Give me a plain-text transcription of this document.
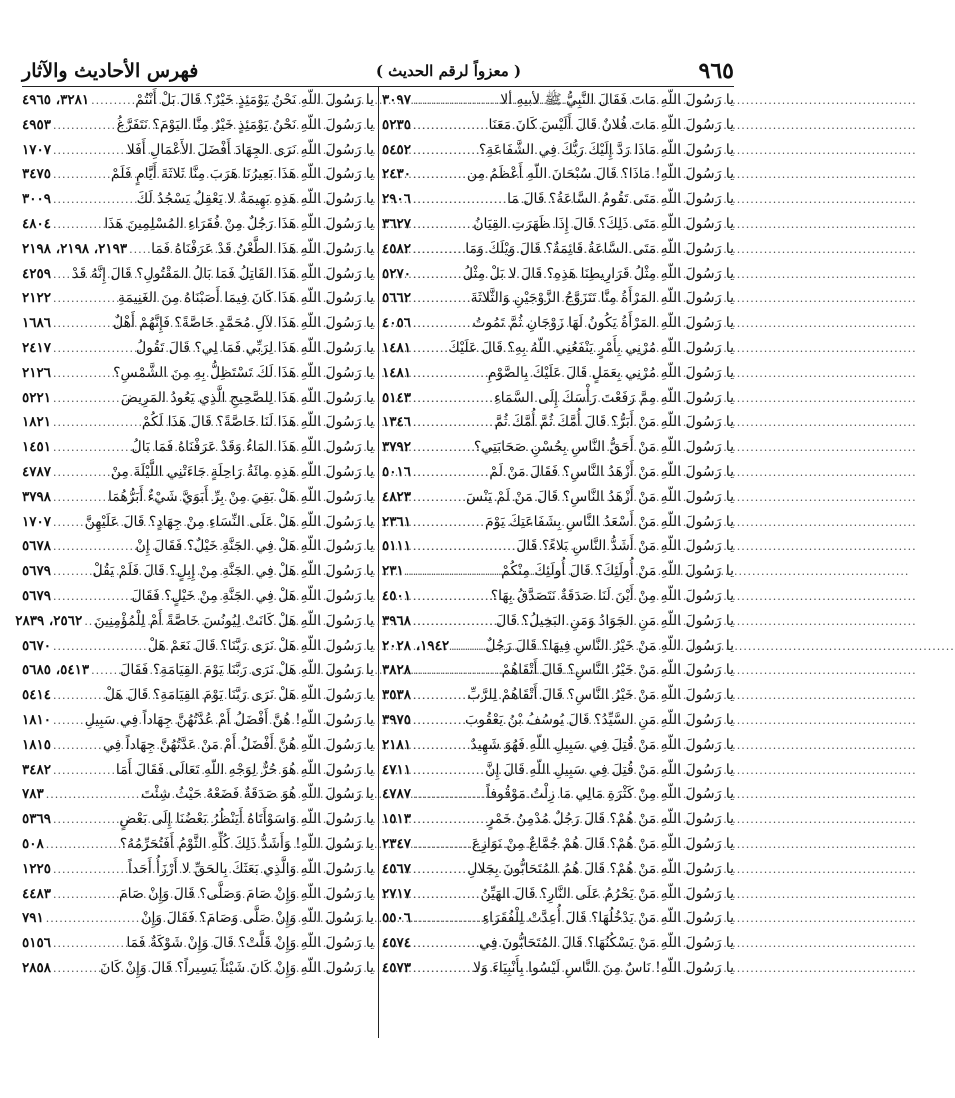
٩٦٥
( معزواً لرقم الحديث )
فهرس الأحاديث والآثار
يا رَسُولَ اللّهِ مَاتَ فَقَالَ النَّبِيُّ ﷺ لأبيهِ ألا
.....
٣٠٩٧
يا رَسُولَ اللّهِ مَاتَ فُلانٌ قَالَ أَلَيْسَ كَانَ مَعَنَا
.....
٥٢٣٥
يا رَسُولَ اللّهِ مَاذَا رَدَّ إِلَيْكَ رَبُّكَ فِي الشَّفَاعَةِ؟
.....
٥٤٥٢
يا رَسُولَ اللّهِ! مَاذَا؟ قَالَ سُبْحَانَ اللّهِ أَعْظَمُ مِن
.....
٢٤٣٠
يا رَسُولَ اللّهِ مَتَى تَقُومُ السَّاعَةُ؟ قَالَ مَا
.....
٢٩٠٦
يا رَسُولَ اللّهِ مَتَى ذَلِكَ؟ قَالَ إِذَا ظَهَرَتِ القِيَانُ
.....
٣٦٢٧
يا رَسُولَ اللّهِ مَتَى السَّاعَةُ قَائِمَةٌ؟ قَالَ وَيْلَكَ وَمَا
.....
٤٥٨٢
يا رَسُولَ اللّهِ مِثْلُ قَرَارِيطِنَا هَذِهِ؟ قَالَ لا بَلْ مِثْلُ
.....
٥٢٧٠
يا رَسُولَ اللّهِ المَرْأَةُ مِنَّا تَتَزَوَّجُ الزَّوْجَيْنِ وَالثَّلاثَةَ
.....
٥٦٦٢
يا رَسُولَ اللّهِ المَرْأَةُ يَكُونُ لَهَا زَوْجَانِ ثُمَّ تَمُوتُ
.....
٤٠٥٦
يا رَسُولَ اللّهِ مُرْنِي بِأَمْرٍ يَنْفَعُنِي اللّهُ بِهِ؟ قَالَ عَلَيْكَ
.....
١٤٨١
يا رَسُولَ اللّهِ مُرْنِي بِعَمَلٍ قَالَ عَلَيْكَ بِالصَّوْمِ
.....
١٤٨١
يا رَسُولَ اللّهِ مِمَّ رَفَعْتَ رَأْسَكَ إِلَى السَّمَاءِ
.....
٥١٤٣
يا رَسُولَ اللّهِ مَنْ أَبَرُّ؟ قَالَ أُمَّكَ ثُمَّ أُمَّكَ ثُمَّ
.....
١٣٤٦
يا رَسُولَ اللّهِ مَنْ أَحَقُّ النَّاسِ بِحُسْنِ صَحَابَتِي؟
.....
٣٧٩٢
يا رَسُولَ اللّهِ مَنْ أَزْهَدُ النَّاسِ؟ فَقَالَ مَنْ لَمْ
.....
٥٠١٦
يا رَسُولَ اللّهِ مَنْ أَزْهَدُ النَّاسِ؟ قَالَ مَنْ لَمْ يَنْسَ
.....
٤٨٢٣
يا رَسُولَ اللّهِ مَنْ أَسْعَدُ النَّاسِ بِشَفَاعَتِكَ يَوْمَ
.....
٢٣٦١
يا رَسُولَ اللّهِ مَنْ أَشَدُّ النَّاسِ بَلاءً؟ قَالَ
.....
٥١١١
يا رَسُولَ اللّهِ مَنْ أُولَئِكَ؟ قَالَ أُولَئِكَ مِنْكُمْ
.....
٢٣١
يا رَسُولَ اللّهِ مِنْ أَيْنَ لَنَا صَدَقَةٌ نَتَصَدَّقُ بِهَا؟
.....
٤٥٠١
يا رَسُولَ اللّهِ مَنِ الجَوَادُ وَمَنِ البَخِيلُ؟ قَالَ
.....
٣٩٦٨
يا رَسُولَ اللّهِ مَنْ خَيْرُ النَّاسِ فِيهَا؟ قَالَ رَجُلٌ
.....
١٩٤٢، ٢٠٢٨
يا رَسُولَ اللّهِ مَنْ خَيْرُ النَّاسِ؟ قَالَ أَتْقَاهُمْ
.....
٣٨٢٨
يا رَسُولَ اللّهِ مَنْ خَيْرُ النَّاسِ؟ قَالَ أَتْقَاهُمْ لِلرَّبِّ
.....
٣٥٣٨
يا رَسُولَ اللّهِ مَنِ السَّيِّدُ؟ قَالَ يُوسُفُ بْنُ يَعْقُوبَ
.....
٣٩٧٥
يا رَسُولَ اللّهِ مَنْ قُتِلَ فِي سَبِيلِ اللّهِ فَهُوَ شَهِيدٌ
.....
٢١٨١
يا رَسُولَ اللّهِ مَنْ قُتِلَ فِي سَبِيلِ اللّهِ قَالَ إِنَّ
.....
٤٧١١
يا رَسُولَ اللّهِ مِنْ كَثْرَةِ مَالِي مَا زِلْتُ مَوْقُوفاً
.....
٤٧٨٧
يا رَسُولَ اللّهِ مَنْ هُمْ؟ قَالَ رَجُلٌ مُدْمِنُ خَمْرٍ
.....
١٥١٣
يا رَسُولَ اللّهِ مَنْ هُمْ؟ قَالَ هُمْ جُمَّاعٌ مِنْ نَوَازِعَ
.....
٢٣٤٧
يا رَسُولَ اللّهِ مَنْ هُمْ؟ قَالَ هُمُ المُتَحَابُّونَ بِجَلالِ
.....
٤٥٦٧
يا رَسُولَ اللّهِ مَنْ يَحْرُمُ عَلَى النَّارِ؟ قَالَ الهَيِّنُ
.....
٢٧١٧
يا رَسُولَ اللّهِ مَنْ يَدْخُلُهَا؟ قَالَ أُعِدَّتْ لِلْفُقَرَاءِ
.....
٥٥٠٦
يا رَسُولَ اللّهِ مَنْ يَسْكُنُهَا؟ قَالَ المُتَحَابُّونَ فِي
.....
٤٥٧٤
يا رَسُولَ اللّهِ! نَاسٌ مِنَ النَّاسِ لَيْسُوا بِأَنْبِيَاءَ وَلا
.....
٤٥٧٣
يا رَسُولَ اللّهِ نَحْنُ يَوْمَئِذٍ خَيْرٌ؟ قَالَ بَلْ أَنْتُمْ
.....
٣٢٨١، ٤٩٦٥
يا رَسُولَ اللّهِ نَحْنُ يَوْمَئِذٍ خَيْرٌ مِنَّا اليَوْمَ؟ نَتَفَرَّغُ
.....
٤٩٥٣
يا رَسُولَ اللّهِ نَرَى الجِهَادَ أَفْضَلَ الأَعْمَالِ أَفَلا
.....
١٧٠٧
يا رَسُولَ اللّهِ هَذَا بَعِيرُنَا هَرَبَ مِنَّا ثَلاثَةَ أَيَّامٍ فَلَمْ
.....
٣٤٧٥
يا رَسُولَ اللّهِ هَذِهِ بَهِيمَةٌ لا يَعْقِلُ يَسْجُدُ لَكَ
.....
٣٠٠٩
يا رَسُولَ اللّهِ هَذَا رَجُلٌ مِنْ فُقَرَاءِ المُسْلِمِينَ هَذَا
.....
٤٨٠٤
يا رَسُولَ اللّهِ هَذَا الطَّعْنُ قَدْ عَرَفْنَاهُ فَمَا
.....
٢١٩٣، ٢١٩٨، ٢١٩٨
يا رَسُولَ اللّهِ هَذَا القَاتِلُ فَمَا بَالُ المَقْتُولِ؟ قَالَ إِنَّهُ قَدْ
.....
٤٢٥٩
يا رَسُولَ اللّهِ هَذَا كَانَ فِيمَا أَصَبْنَاهُ مِنَ الغَنِيمَةِ
.....
٢١٢٢
يا رَسُولَ اللّهِ هَذَا لآلِ مُحَمَّدٍ خَاصَّةً؟ فَإِنَّهُمْ أَهْلٌ
.....
١٦٨٦
يا رَسُولَ اللّهِ هَذَا لِرَبِّي فَمَا لِي؟ قَالَ تَقُولُ
.....
٢٤١٧
يا رَسُولَ اللّهِ هَذَا لَكَ تَسْتَظِلُّ بِهِ مِنَ الشَّمْسِ؟
.....
٢١٢٦
يا رَسُولَ اللّهِ هَذَا لِلصَّحِيحِ الَّذِي يَعُودُ المَرِيضَ
.....
٥٢٢١
يا رَسُولَ اللّهِ هَذَا لَنَا خَاصَّةً؟ قَالَ هَذَا لَكُمْ
.....
١٨٢١
يا رَسُولَ اللّهِ هَذَا المَاءُ وَقَدْ عَرَفْنَاهُ فَمَا بَالُ
.....
١٤٥١
يا رَسُولَ اللّهِ هَذِهِ مِائَةُ رَاحِلَةٍ جَاءَتْنِي اللَّيْلَةَ مِنْ
.....
٤٧٨٧
يا رَسُولَ اللّهِ هَلْ بَقِيَ مِنْ بِرِّ أَبَوَيَّ شَيْءٌ أَبَرُّهُمَا
.....
٣٧٩٨
يا رَسُولَ اللّهِ هَلْ عَلَى النِّسَاءِ مِنْ جِهَادٍ؟ قَالَ عَلَيْهِنَّ
.....
١٧٠٧
يا رَسُولَ اللّهِ هَلْ فِي الجَنَّةِ خَيْلٌ؟ فَقَالَ إِنْ
.....
٥٦٧٨
يا رَسُولَ اللّهِ هَلْ فِي الجَنَّةِ مِنْ إِبِلٍ؟ قَالَ فَلَمْ يَقُلْ
.....
٥٦٧٩
يا رَسُولَ اللّهِ هَلْ فِي الجَنَّةِ مِنْ خَيْلٍ؟ فَقَالَ
.....
٥٦٧٩
يا رَسُولَ اللّهِ هَلْ كَانَتْ لِيُونُسَ خَاصَّةً أَمْ لِلْمُؤْمِنِينَ
.....
٢٥٦٢، ٢٨٣٩
يا رَسُولَ اللّهِ هَلْ نَرَى رَبَّنَا؟ قَالَ نَعَمْ هَلْ
.....
٥٦٧٠
يا رَسُولَ اللّهِ هَلْ نَرَى رَبَّنَا يَوْمَ القِيَامَةِ؟ فَقَالَ
.....
٥٤١٣، ٥٦٨٥
يا رَسُولَ اللّهِ هَلْ نَرَى رَبَّنَا يَوْمَ القِيَامَةِ؟ قَالَ هَلْ
.....
٥٤١٤
يا رَسُولَ اللّهِ! هُنَّ أَفْضَلُ أَمْ عُدَّتُهُنَّ جِهَاداً فِي سَبِيلِ
.....
١٨١٠
يا رَسُولَ اللّهِ هُنَّ أَفْضَلُ أَمْ مَنْ عَدَّتُهُنَّ جِهَاداً فِي
.....
١٨١٥
يا رَسُولَ اللّهِ هُوَ حُرٌّ لِوَجْهِ اللّهِ تَعَالَى فَقَالَ أَمَا
.....
٣٤٨٢
يا رَسُولَ اللّهِ هُوَ صَدَقَةٌ فَضَعْهُ حَيْثُ شِئْتَ
.....
٧٨٣
يا رَسُولَ اللّهِ وَاسَوْأَتَاهُ أَيَنْظُرُ بَعْضُنَا إِلَى بَعْضٍ
.....
٥٣٦٩
يا رَسُولَ اللّهِ! وَأَشَدُّ ذَلِكَ كُلِّهِ الثَّوْمُ أَفَتُحَرِّمُهُ؟
.....
٥٠٨
يا رَسُولَ اللّهِ وَالَّذِي بَعَثَكَ بِالحَقِّ لا أَرْزَأُ أَحَداً
.....
١٢٢٥
يا رَسُولَ اللّهِ وَإِنْ صَامَ وَصَلَّى؟ قَالَ وَإِنْ صَامَ
.....
٤٤٨٣
يا رَسُولَ اللّهِ وَإِنْ صَلَّى وَصَامَ؟ فَقَالَ وَإِنْ
.....
٧٩١
يا رَسُولَ اللّهِ وَإِنْ قَلَّتْ؟ قَالَ وَإِنْ شَوْكَةٌ فَمَا
.....
٥١٥٦
يا رَسُولَ اللّهِ وَإِنْ كَانَ شَيْئاً يَسِيراً؟ قَالَ وَإِنْ كَانَ
.....
٢٨٥٨
